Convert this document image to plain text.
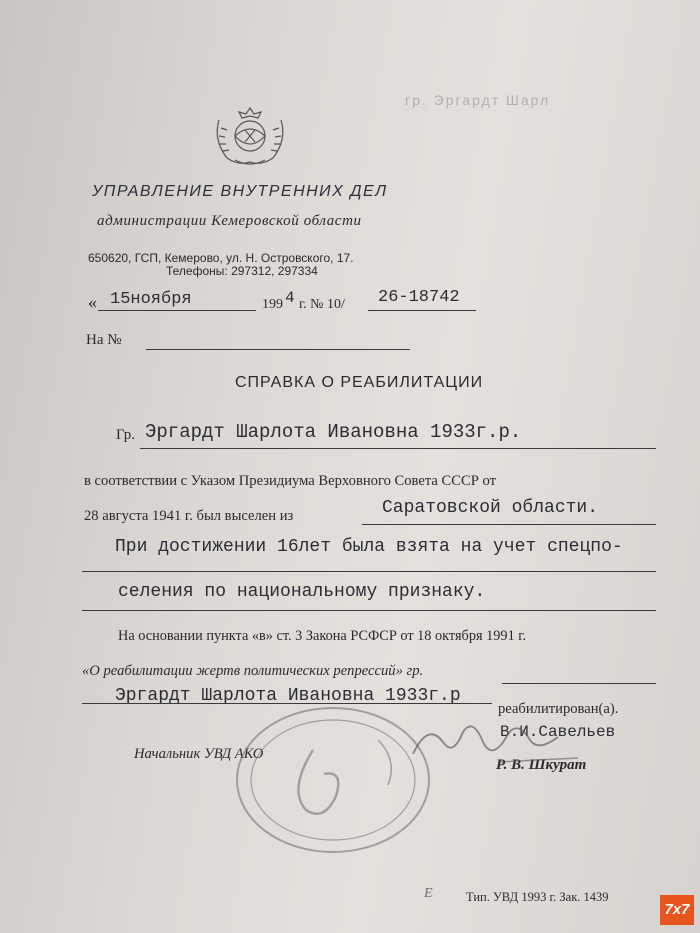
гр. Эргардт Шарл
УПРАВЛЕНИЕ ВНУТРЕННИХ ДЕЛ
администрации Кемеровской области
650620, ГСП, Кемерово, ул. Н. Островского, 17.
Телефоны: 297312, 297334
« 15ноября	199 4 г. № 10/ 26-18742
На №
СПРАВКА О РЕАБИЛИТАЦИИ
Гр. Эргардт Шарлота Ивановна 1933г.р.
в соответствии с Указом Президиума Верховного Совета СССР от
28 августа 1941 г. был выселен из	Саратовской области.
При достижении 16лет была взята на учет спецпо-
селения по национальному признаку.
На основании пункта «в» ст. 3 Закона РСФСР от 18 октября 1991 г.
«О реабилитации жертв политических репрессий» гр.
Эргардт Шарлота Ивановна 1933г.р
реабилитирован(а).
Начальник УВД АКО
В.И.Савельев
Р. В. Шкурат
Е	Тип. УВД 1993 г. Зак. 1439
7x7
